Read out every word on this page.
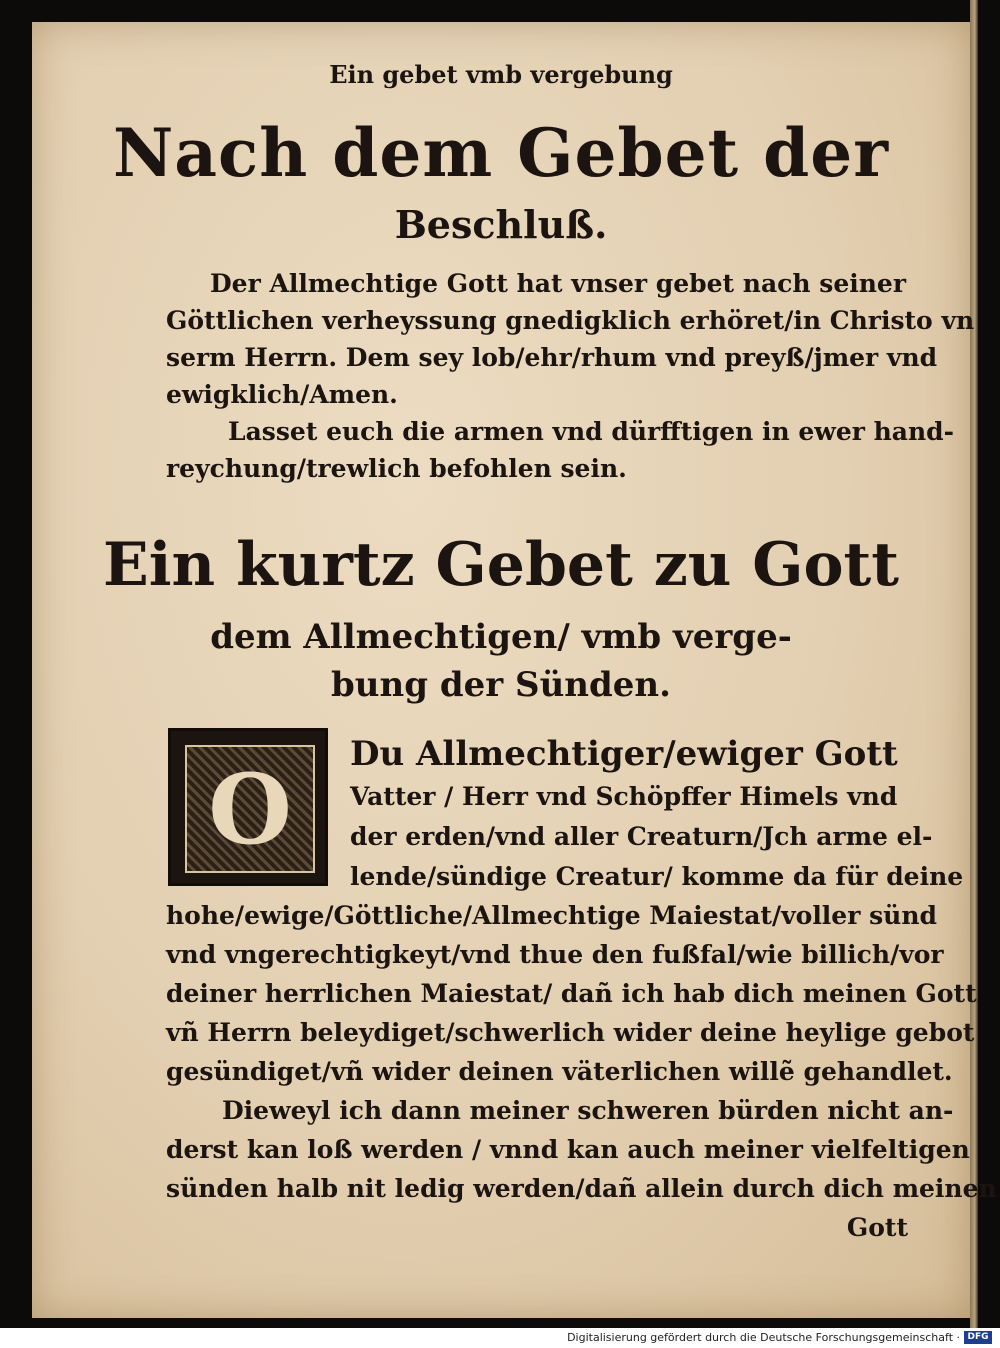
Ein gebet vmb vergebung
Nach dem Gebet der
Beschluß.
Der Allmechtige Gott hat vnser gebet nach seiner
Göttlichen verheyssung gnedigklich erhöret/in Christo vn
serm Herrn. Dem sey lob/ehr/rhum vnd preyß/jmer vnd
ewigklich/Amen.
Lasset euch die armen vnd dürfftigen in ewer hand-
reychung/trewlich befohlen sein.
Ein kurtz Gebet zu Gott
dem Allmechtigen/ vmb verge-
bung der Sünden.
O	Du Allmechtiger/ewiger Gott
Vatter / Herr vnd Schöpffer Himels vnd
der erden/vnd aller Creaturn/Jch arme el-
lende/sündige Creatur/ komme da für deine
hohe/ewige/Göttliche/Allmechtige Maiestat/voller sünd
vnd vngerechtigkeyt/vnd thue den fußfal/wie billich/vor
deiner herrlichen Maiestat/ dañ ich hab dich meinen Gott
vñ Herrn beleydiget/schwerlich wider deine heylige gebot
gesündiget/vñ wider deinen väterlichen willẽ gehandlet.
Dieweyl ich dann meiner schweren bürden nicht an-
derst kan loß werden / vnnd kan auch meiner vielfeltigen
sünden halb nit ledig werden/dañ allein durch dich meinen
Gott
Digitalisierung gefördert durch die Deutsche Forschungsgemeinschaft · DFG
